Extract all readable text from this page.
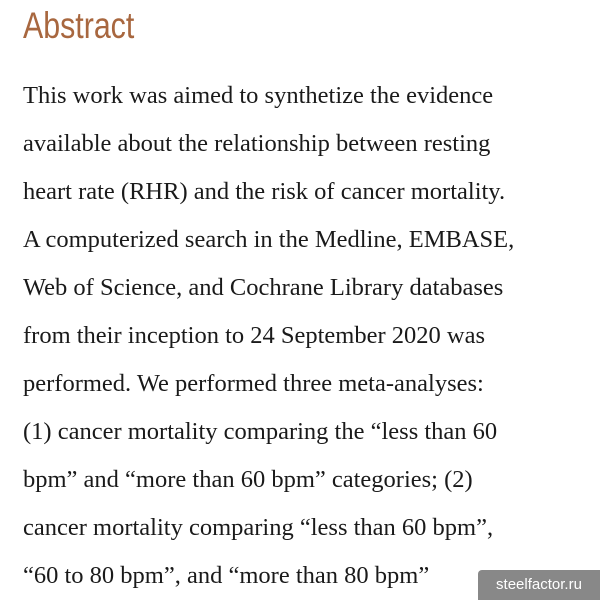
Abstract
This work was aimed to synthetize the evidence
available about the relationship between resting
heart rate (RHR) and the risk of cancer mortality.
A computerized search in the Medline, EMBASE,
Web of Science, and Cochrane Library databases
from their inception to 24 September 2020 was
performed. We performed three meta-analyses:
(1) cancer mortality comparing the “less than 60
bpm” and “more than 60 bpm” categories; (2)
cancer mortality comparing “less than 60 bpm”,
“60 to 80 bpm”, and “more than 80 bpm”	steelfactor.ru
